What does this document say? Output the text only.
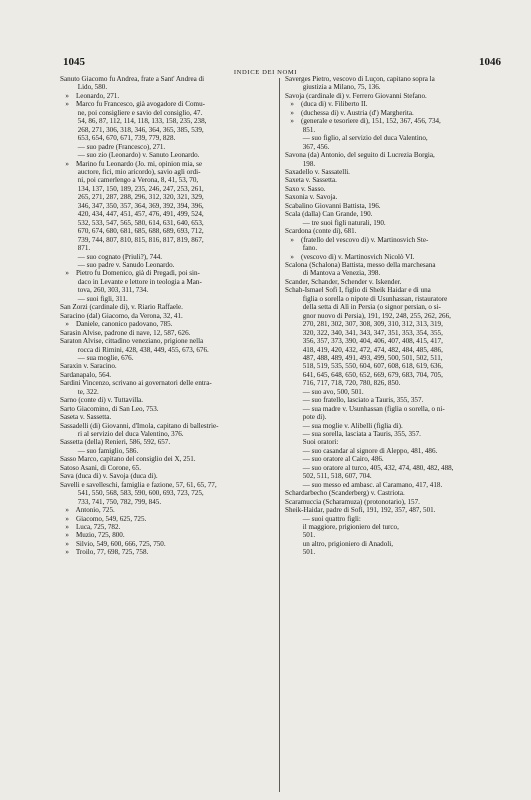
1045	1046
INDICE DEI NOMI
Sanuto Giacomo fu Andrea, frate a Sant' Andrea di
Lido, 580.
»    Leonardo, 271.
»    Marco fu Francesco, già avogadore di Comu-
ne, poi consigliere e savio del consiglio, 47.
54, 86, 87, 112, 114, 118, 133, 158, 235, 238,
268, 271, 306, 318, 346, 364, 365, 385, 539,
653, 654, 670, 671, 739, 779, 828.
— suo padre (Francesco), 271.
— suo zio (Leonardo) v. Sanuto Leonardo.
»    Marino fu Leonardo (Jo. mi, opinion mia, se
auctore, fici, mio aricordo), savio agli ordi-
ni, poi camerlengo a Verona, 8, 41, 53, 70,
134, 137, 150, 189, 235, 246, 247, 253, 261,
265, 271, 287, 288, 296, 312, 320, 321, 329,
346, 347, 350, 357, 364, 369, 392, 394, 396,
420, 434, 447, 451, 457, 476, 491, 499, 524,
532, 533, 547, 565, 580, 614, 631, 640, 653,
670, 674, 680, 681, 685, 688, 689, 693, 712,
739, 744, 807, 810, 815, 816, 817, 819, 867,
871.
— suo cognato (Priuli?), 744.
— suo padre v. Sanudo Leonardo.
»    Pietro fu Domenico, già di Pregadi, poi sin-
daco in Levante e lettore in teologia a Man-
tova, 260, 303, 311, 734.
— suoi figli, 311.
San Zorzi (cardinale di), v. Riario Raffaele.
Saracino (dal) Giacomo, da Verona, 32, 41.
»    Daniele, canonico padovano, 785.
Sarasin Alvise, padrone di nave, 12, 587, 626.
Saraton Alvise, cittadino veneziano, prigione nella
rocca di Rimini, 428, 438, 449, 455, 673, 676.
— sua moglie, 676.
Saraxin v. Saracino.
Sardanapalo, 564.
Sardini Vincenzo, scrivano ai governatori delle entra-
te, 322.
Sarno (conte di) v. Tuttavilla.
Sarto Giacomino, di San Leo, 753.
Saseta v. Sassetta.
Sassadelli (di) Giovanni, d'Imola, capitano di ballestrie-
ri al servizio del duca Valentino, 376.
Sassetta (della) Renieri, 586, 592, 657.
— suo famiglio, 586.
Sasso Marco, capitano del consiglio dei X, 251.
Satoso Asani, di Corone, 65.
Sava (duca di) v. Savoja (duca di).
Savelli e savelleschi, famiglia e fazione, 57, 61, 65, 77,
541, 550, 568, 583, 590, 600, 693, 723, 725,
733, 741, 750, 782, 799, 845.
»    Antonio, 725.
»    Giacomo, 549, 625, 725.
»    Luca, 725, 782.
»    Muzio, 725, 800.
»    Silvio, 549, 600, 666, 725, 750.
»    Troilo, 77, 698, 725, 758.
Saverges Pietro, vescovo di Luçon, capitano sopra la
giustizia a Milano, 75, 136.
Savoja (cardinale di) v. Ferrero Giovanni Stefano.
»    (duca di) v. Filiberto II.
»    (duchessa di) v. Austria (d') Margherita.
»    (generale e tesoriere di), 151, 152, 367, 456, 734,
851.
— suo figlio, al servizio del duca Valentino,
367, 456.
Savona (da) Antonio, del seguito di Lucrezia Borgia,
198.
Saxadello v. Sassatelli.
Saxeta v. Sassetta.
Saxo v. Sasso.
Saxonia v. Savoja.
Scabalino Giovanni Battista, 196.
Scala (dalla) Can Grande, 190.
— tre suoi figli naturali, 190.
Scardona (conte di), 681.
»    (fratello del vescovo di) v. Martinosvich Ste-
fano.
»    (vescovo di) v. Martinosvich Nicolò VI.
Scalona (Schalona) Battista, messo della marchesana
di Mantova a Venezia, 398.
Scander, Schander, Schender v. Iskender.
Schah-Ismael Sofì I, figlio di Sheik Haidar e di una
figlia o sorella o nipote di Usunhassan, ristauratore
della setta di Alì in Persia (o signor persian, o si-
gnor nuovo di Persia), 191, 192, 248, 255, 262, 266,
270, 281, 302, 307, 308, 309, 310, 312, 313, 319,
320, 322, 340, 341, 343, 347, 351, 353, 354, 355,
356, 357, 373, 390, 404, 406, 407, 408, 415, 417,
418, 419, 420, 432, 472, 474, 482, 484, 485, 486,
487, 488, 489, 491, 493, 499, 500, 501, 502, 511,
518, 519, 535, 550, 604, 607, 608, 618, 619, 636,
641, 645, 648, 650, 652, 669, 679, 683, 704, 705,
716, 717, 718, 720, 780, 826, 850.
— suo avo, 500, 501.
— suo fratello, lasciato a Tauris, 355, 357.
— sua madre v. Usunhassan (figlia o sorella, o ni-
pote di).
— sua moglie v. Alibelli (figlia di).
— sua sorella, lasciata a Tauris, 355, 357.
Suoi oratori:
— suo casandar al signore di Aleppo, 481, 486.
— suo oratore al Cairo, 486.
— suo oratore al turco, 405, 432, 474, 480, 482, 488,
502, 511, 518, 607, 704.
— suo messo ed ambasc. al Caramano, 417, 418.
Schardarbecho (Scanderberg) v. Castriota.
Scaramuccia (Scharamuza) (protonotario), 157.
Sheik-Haidar, padre di Sofì, 191, 192, 357, 487, 501.
— suoi quattro figli:
il maggiore, prigioniero del turco,
501.
un altro, prigioniero di Anadoli,
501.
